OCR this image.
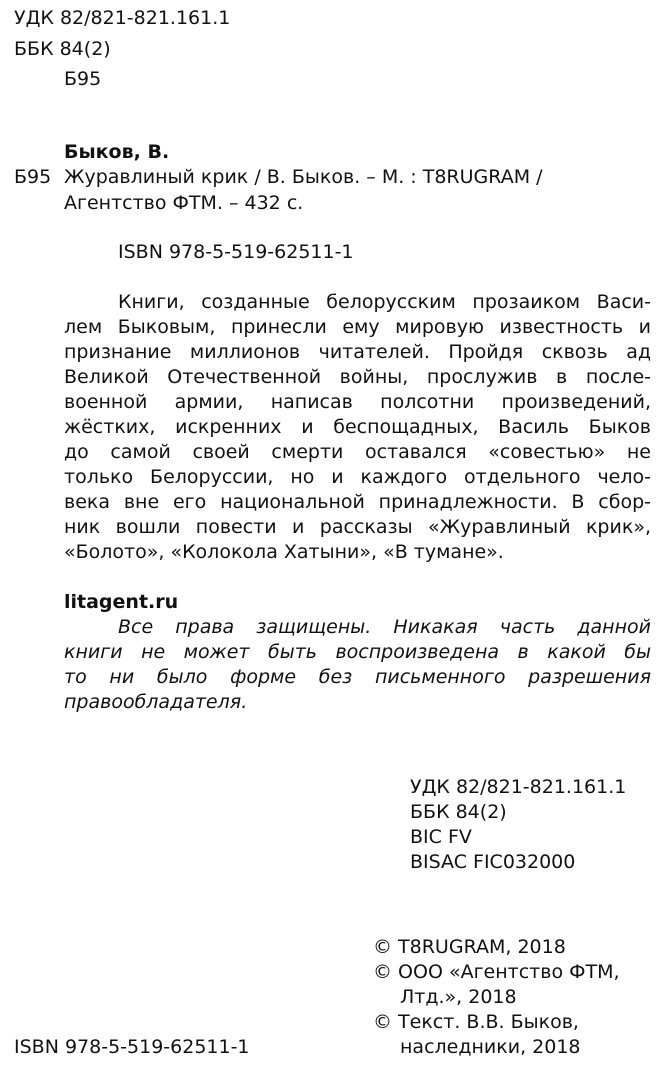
УДК 82/821-821.161.1
ББК 84(2)
Б95
Быков, В.
Б95 Журавлиный крик / В. Быков. – М. : T8RUGRAM /
Агентство ФТМ. – 432 с.
ISBN 978-5-519-62511-1
Книги, созданные белорусским прозаиком Васи-
лем Быковым, принесли ему мировую известность и
признание миллионов читателей. Пройдя сквозь ад
Великой Отечественной войны, прослужив в после-
военной армии, написав полсотни произведений,
жёстких, искренних и беспощадных, Василь Быков
до самой своей смерти оставался «совестью» не
только Белоруссии, но и каждого отдельного чело-
века вне его национальной принадлежности. В сбор-
ник вошли повести и рассказы «Журавлиный крик»,
«Болото», «Колокола Хатыни», «В тумане».
litagent.ru
Все права защищены. Никакая часть данной
книги не может быть воспроизведена в какой бы
то ни было форме без письменного разрешения
правообладателя.
УДК 82/821-821.161.1
ББК 84(2)
BIC FV
BISAC FIC032000
© T8RUGRAM, 2018
© ООО «Агентство ФТМ,
Лтд.», 2018
© Текст. В.В. Быков,
наследники, 2018
ISBN 978-5-519-62511-1
